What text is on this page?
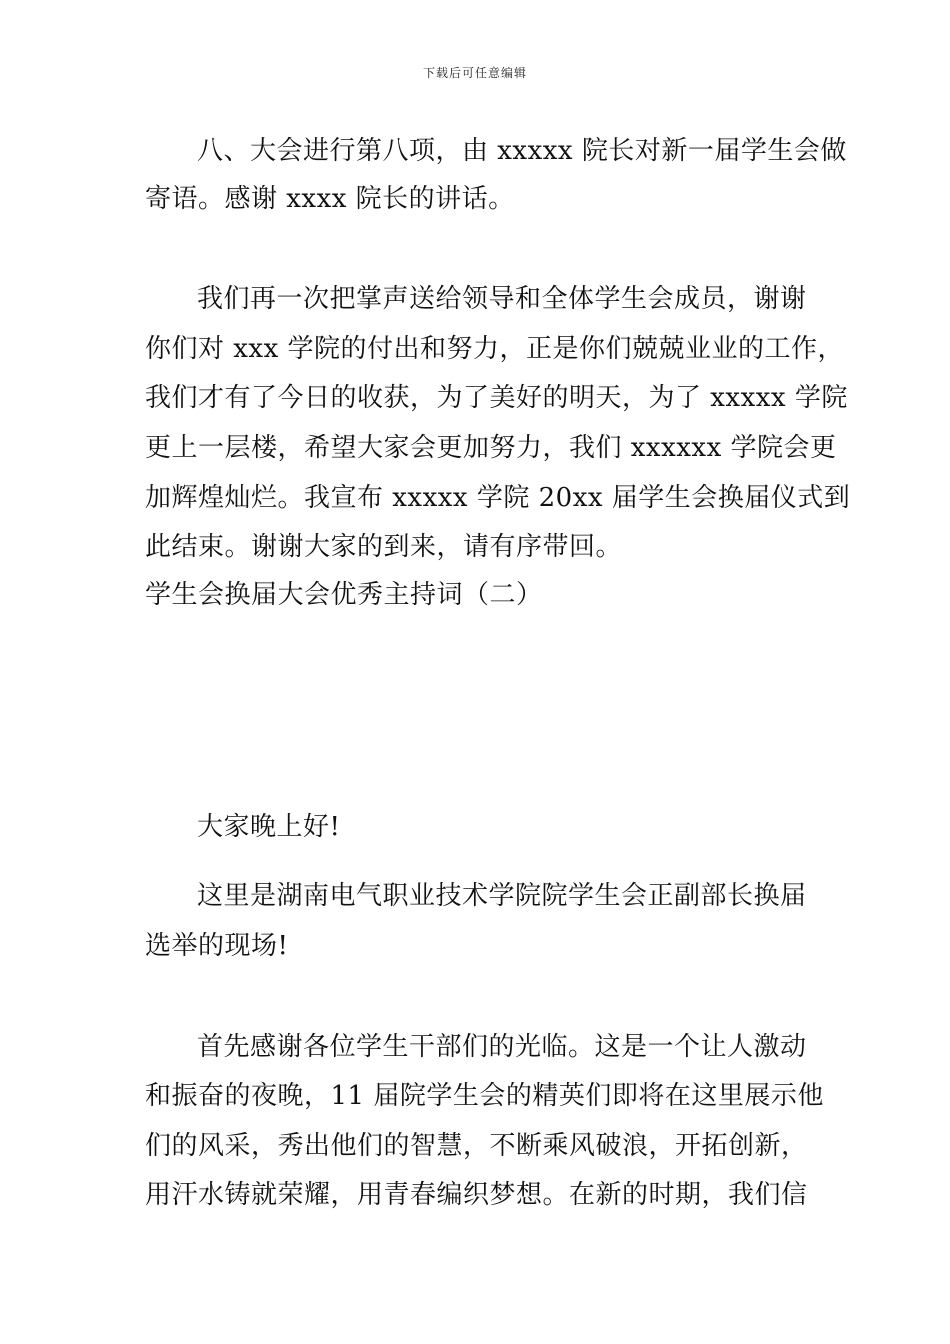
下载后可任意编辑
八、大会进行第八项，由 xxxxx 院长对新一届学生会做
寄语。感谢 xxxx 院长的讲话。
我们再一次把掌声送给领导和全体学生会成员，谢谢
你们对 xxx 学院的付出和努力，正是你们兢兢业业的工作，
我们才有了今日的收获，为了美好的明天，为了 xxxxx 学院
更上一层楼，希望大家会更加努力，我们 xxxxxx 学院会更
加辉煌灿烂。我宣布 xxxxx 学院 20xx 届学生会换届仪式到
此结束。谢谢大家的到来，请有序带回。
学生会换届大会优秀主持词（二）
大家晚上好!
这里是湖南电气职业技术学院院学生会正副部长换届
选举的现场!
首先感谢各位学生干部们的光临。这是一个让人激动
和振奋的夜晚，11 届院学生会的精英们即将在这里展示他
们的风采，秀出他们的智慧，不断乘风破浪，开拓创新，
用汗水铸就荣耀，用青春编织梦想。在新的时期，我们信
